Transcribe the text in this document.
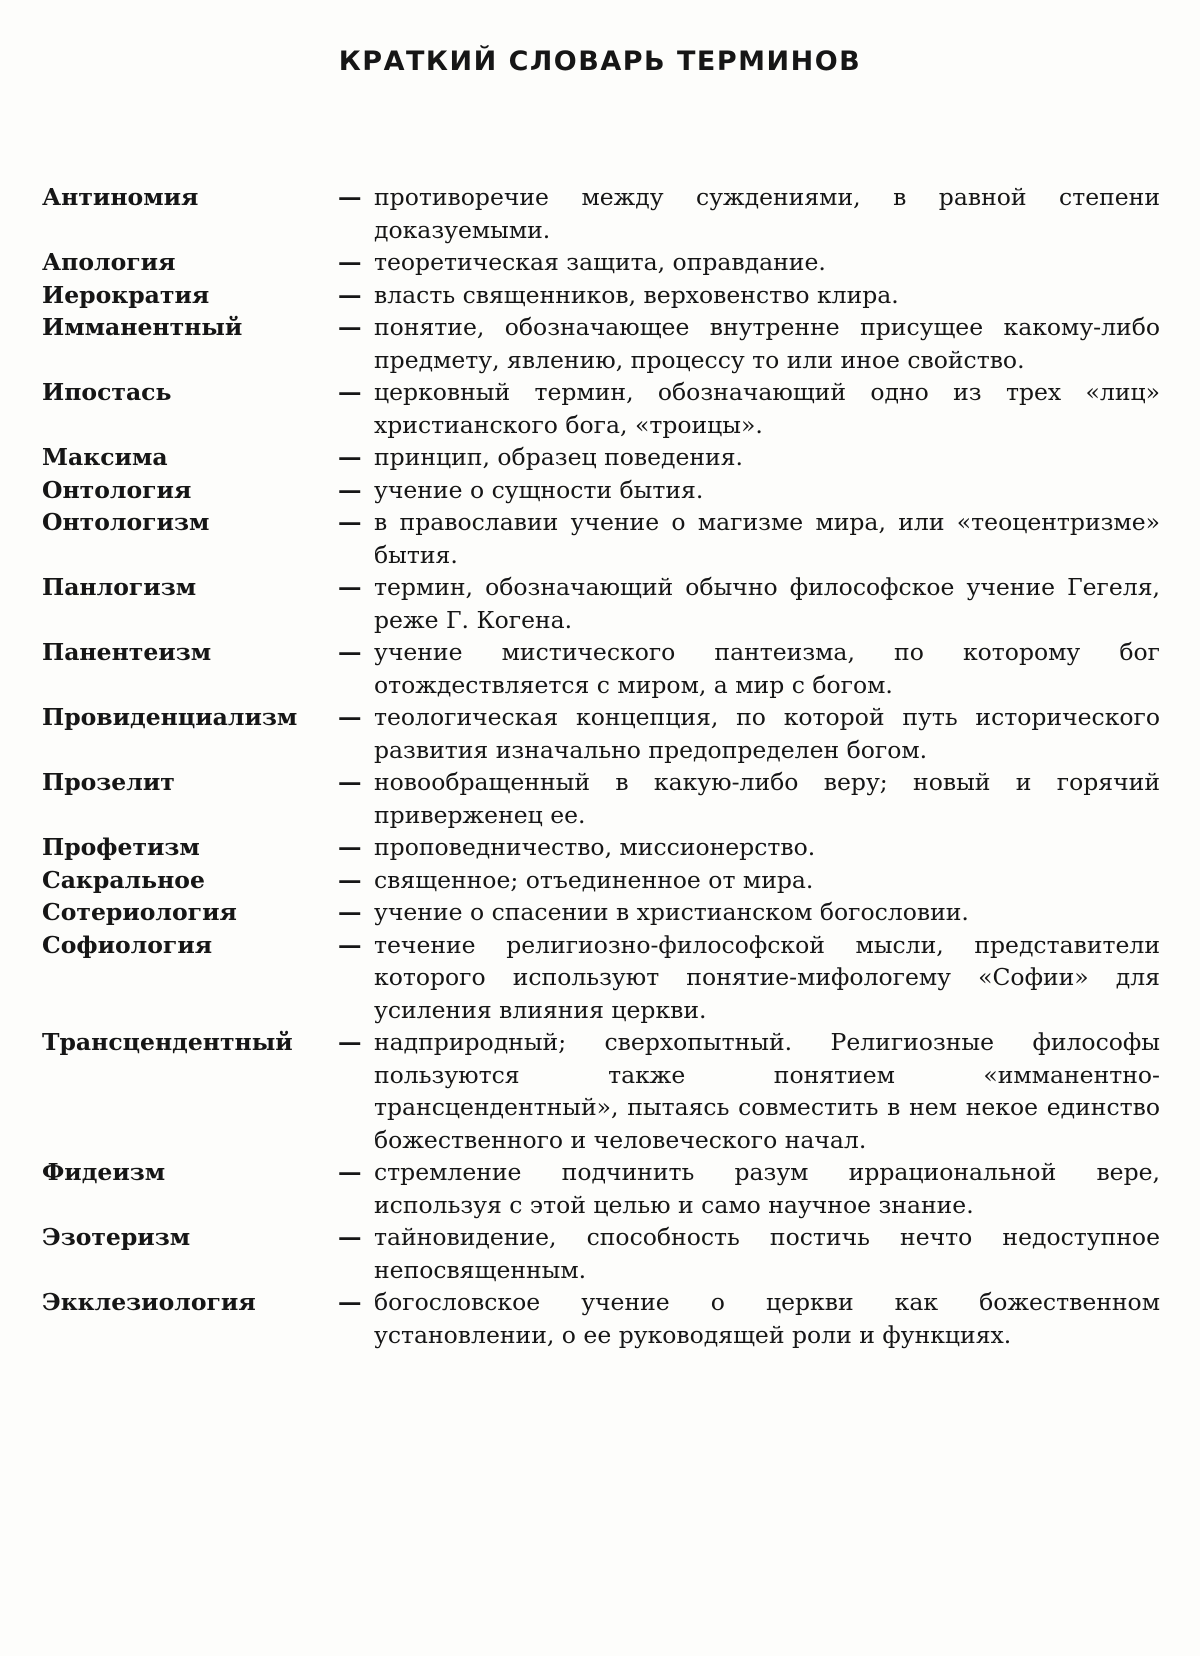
КРАТКИЙ СЛОВАРЬ ТЕРМИНОВ
Антиномия	— противоречие между суждениями, в равной степени доказуемыми.
Апология	— теоретическая защита, оправдание.
Иерократия	— власть священников, верховенство клира.
Имманентный	— понятие, обозначающее внутренне присущее какому-либо предмету, явлению, процессу то или иное свойство.
Ипостась	— церковный термин, обозначающий одно из трех «лиц» христианского бога, «троицы».
Максима	— принцип, образец поведения.
Онтология	— учение о сущности бытия.
Онтологизм	— в православии учение о магизме мира, или «теоцентризме» бытия.
Панлогизм	— термин, обозначающий обычно философское учение Гегеля, реже Г. Когена.
Панентеизм	— учение мистического пантеизма, по которому бог отождествляется с миром, а мир с богом.
Провиденциализм	— теологическая концепция, по которой путь исторического развития изначально предопределен богом.
Прозелит	— новообращенный в какую-либо веру; новый и горячий приверженец ее.
Профетизм	— проповедничество, миссионерство.
Сакральное	— священное; отъединенное от мира.
Сотериология	— учение о спасении в христианском богословии.
Софиология	— течение религиозно-философской мысли, представители которого используют понятие-мифологему «Софии» для усиления влияния церкви.
Трансцендентный	— надприродный; сверхопытный. Религиозные философы пользуются также понятием «имманентно-трансцендентный», пытаясь совместить в нем некое единство божественного и человеческого начал.
Фидеизм	— стремление подчинить разум иррациональной вере, используя с этой целью и само научное знание.
Эзотеризм	— тайновидение, способность постичь нечто недоступное непосвященным.
Экклезиология	— богословское учение о церкви как божественном установлении, о ее руководящей роли и функциях.
